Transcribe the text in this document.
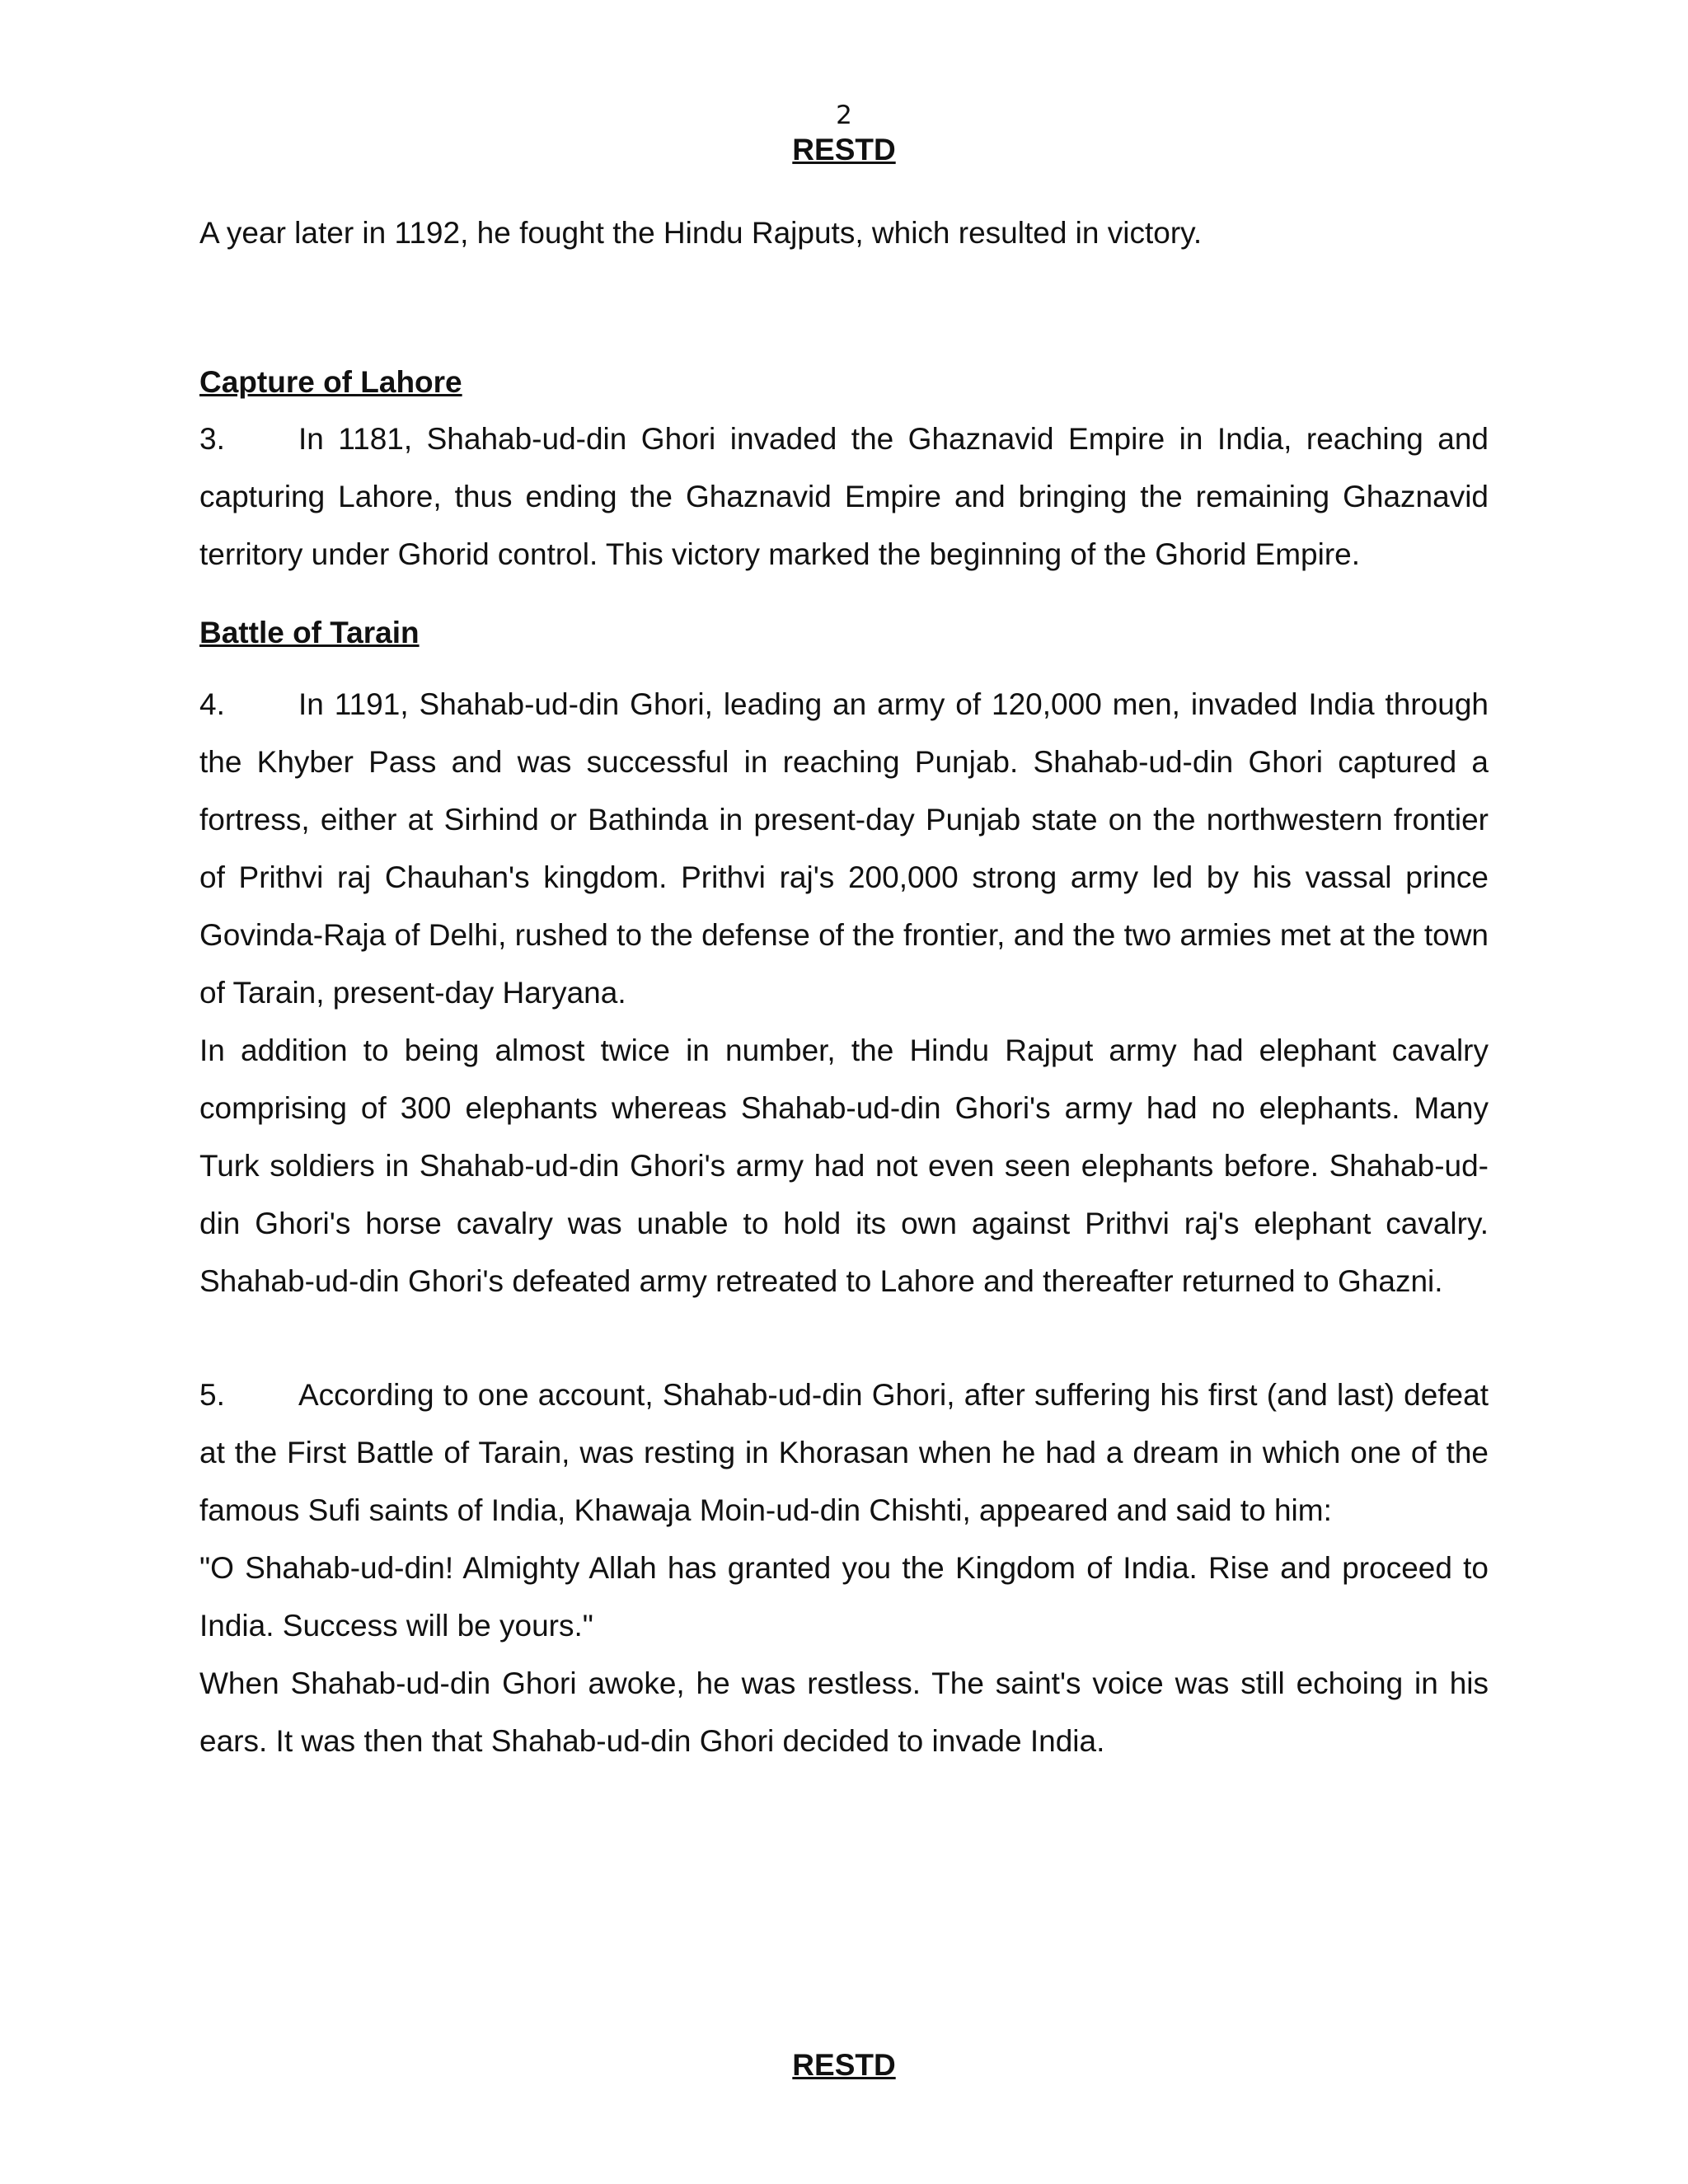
2
RESTD

A year later in 1192, he fought the Hindu Rajputs, which resulted in victory.

Capture of Lahore

3. In 1181, Shahab-ud-din Ghori invaded the Ghaznavid Empire in India, reaching and capturing Lahore, thus ending the Ghaznavid Empire and bringing the remaining Ghaznavid territory under Ghorid control. This victory marked the beginning of the Ghorid Empire.

Battle of Tarain

4. In 1191, Shahab-ud-din Ghori, leading an army of 120,000 men, invaded India through the Khyber Pass and was successful in reaching Punjab. Shahab-ud-din Ghori captured a fortress, either at Sirhind or Bathinda in present-day Punjab state on the northwestern frontier of Prithvi raj Chauhan's kingdom. Prithvi raj's 200,000 strong army led by his vassal prince Govinda-Raja of Delhi, rushed to the defense of the frontier, and the two armies met at the town of Tarain, present-day Haryana.

In addition to being almost twice in number, the Hindu Rajput army had elephant cavalry comprising of 300 elephants whereas Shahab-ud-din Ghori's army had no elephants. Many Turk soldiers in Shahab-ud-din Ghori's army had not even seen elephants before. Shahab-ud-din Ghori's horse cavalry was unable to hold its own against Prithvi raj's elephant cavalry. Shahab-ud-din Ghori's defeated army retreated to Lahore and thereafter returned to Ghazni.

5. According to one account, Shahab-ud-din Ghori, after suffering his first (and last) defeat at the First Battle of Tarain, was resting in Khorasan when he had a dream in which one of the famous Sufi saints of India, Khawaja Moin-ud-din Chishti, appeared and said to him:

"O Shahab-ud-din! Almighty Allah has granted you the Kingdom of India. Rise and proceed to India. Success will be yours."

When Shahab-ud-din Ghori awoke, he was restless. The saint's voice was still echoing in his ears. It was then that Shahab-ud-din Ghori decided to invade India.

RESTD
